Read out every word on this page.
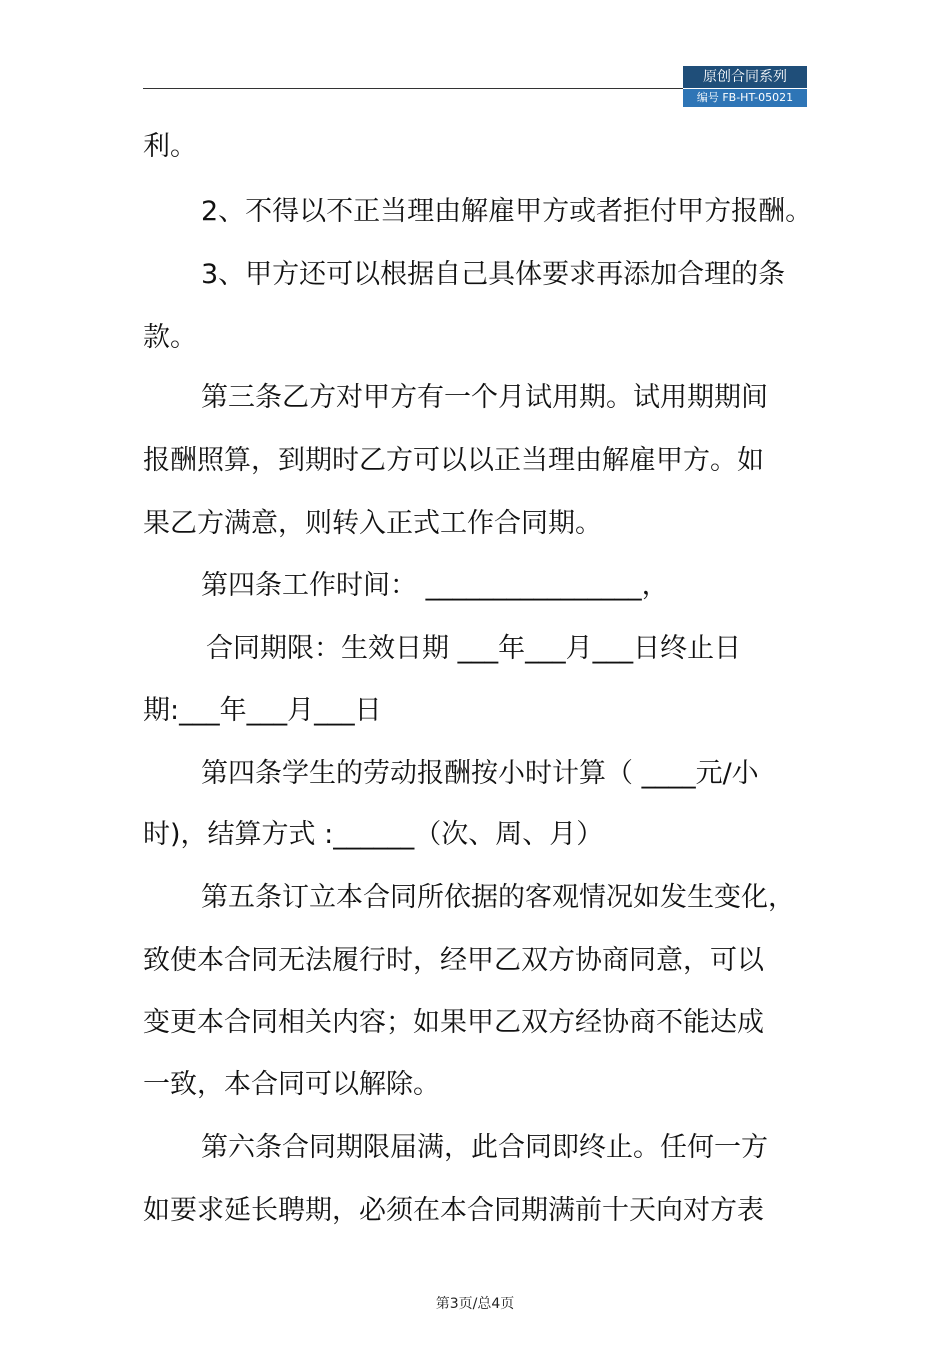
原创合同系列
编号 FB-HT-05021
利。
2、不得以不正当理由解雇甲方或者拒付甲方报酬。
3、甲方还可以根据自己具体要求再添加合理的条
款。
第三条乙方对甲方有一个月试用期。试用期期间
报酬照算，到期时乙方可以以正当理由解雇甲方。如
果乙方满意，则转入正式工作合同期。
第四条工作时间： ________________，
合同期限：生效日期 ___年___月___日终止日
期:___年___月___日
第四条学生的劳动报酬按小时计算（ ____元/小
时)，结算方式 :______（次、周、月）
第五条订立本合同所依据的客观情况如发生变化，
致使本合同无法履行时，经甲乙双方协商同意，可以
变更本合同相关内容；如果甲乙双方经协商不能达成
一致，本合同可以解除。
第六条合同期限届满，此合同即终止。任何一方
如要求延长聘期，必须在本合同期满前十天向对方表
第3页/总4页
